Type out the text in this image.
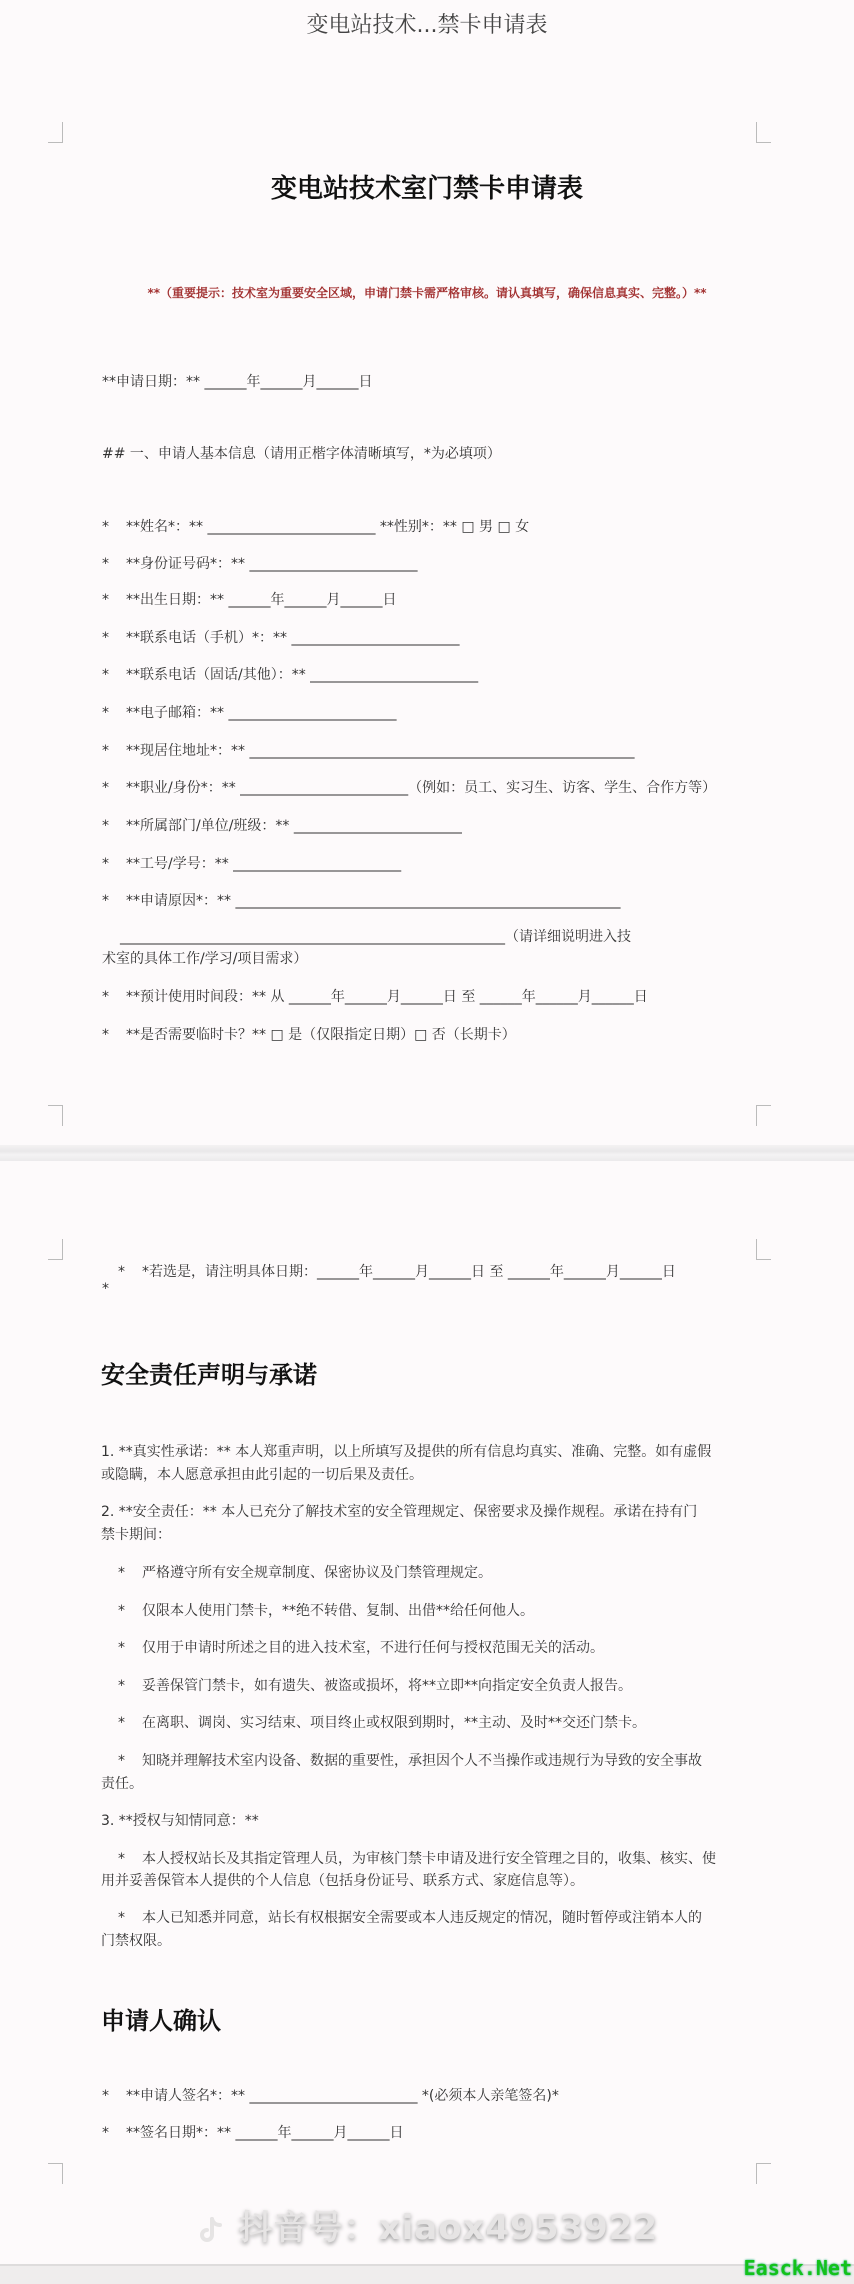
变电站技术...禁卡申请表
变电站技术室门禁卡申请表
**（重要提示：技术室为重要安全区域，申请门禁卡需严格审核。请认真填写，确保信息真实、完整。）**
**申请日期：** ______年______月______日
## 一、申请人基本信息（请用正楷字体清晰填写，*为必填项）
* **姓名*：** ________________________ **性别*：** □ 男 □ 女
* **身份证号码*：** ________________________
* **出生日期：** ______年______月______日
* **联系电话（手机）*：** ________________________
* **联系电话（固话/其他）：** ________________________
* **电子邮箱：** ________________________
* **现居住地址*：** _______________________________________________________
* **职业/身份*：** ________________________（例如：员工、实习生、访客、学生、合作方等）
* **所属部门/单位/班级：** ________________________
* **工号/学号：** ________________________
* **申请原因*：** _______________________________________________________
_______________________________________________________（请详细说明进入技
术室的具体工作/学习/项目需求）
* **预计使用时间段：** 从 ______年______月______日 至 ______年______月______日
* **是否需要临时卡？** □ 是（仅限指定日期）□ 否（长期卡）
* *若选是，请注明具体日期：______年______月______日 至 ______年______月______日
*
安全责任声明与承诺
1. **真实性承诺：** 本人郑重声明，以上所填写及提供的所有信息均真实、准确、完整。如有虚假
或隐瞒，本人愿意承担由此引起的一切后果及责任。
2. **安全责任：** 本人已充分了解技术室的安全管理规定、保密要求及操作规程。承诺在持有门
禁卡期间：
* 严格遵守所有安全规章制度、保密协议及门禁管理规定。
* 仅限本人使用门禁卡，**绝不转借、复制、出借**给任何他人。
* 仅用于申请时所述之目的进入技术室，不进行任何与授权范围无关的活动。
* 妥善保管门禁卡，如有遗失、被盗或损坏，将**立即**向指定安全负责人报告。
* 在离职、调岗、实习结束、项目终止或权限到期时，**主动、及时**交还门禁卡。
* 知晓并理解技术室内设备、数据的重要性，承担因个人不当操作或违规行为导致的安全事故
责任。
3. **授权与知情同意：**
* 本人授权站长及其指定管理人员，为审核门禁卡申请及进行安全管理之目的，收集、核实、使
用并妥善保管本人提供的个人信息（包括身份证号、联系方式、家庭信息等）。
* 本人已知悉并同意，站长有权根据安全需要或本人违反规定的情况，随时暂停或注销本人的
门禁权限。
申请人确认
* **申请人签名*：** ________________________ *(必须本人亲笔签名)*
* **签名日期*：** ______年______月______日
抖音号：xiaox4953922
Easck.Net
